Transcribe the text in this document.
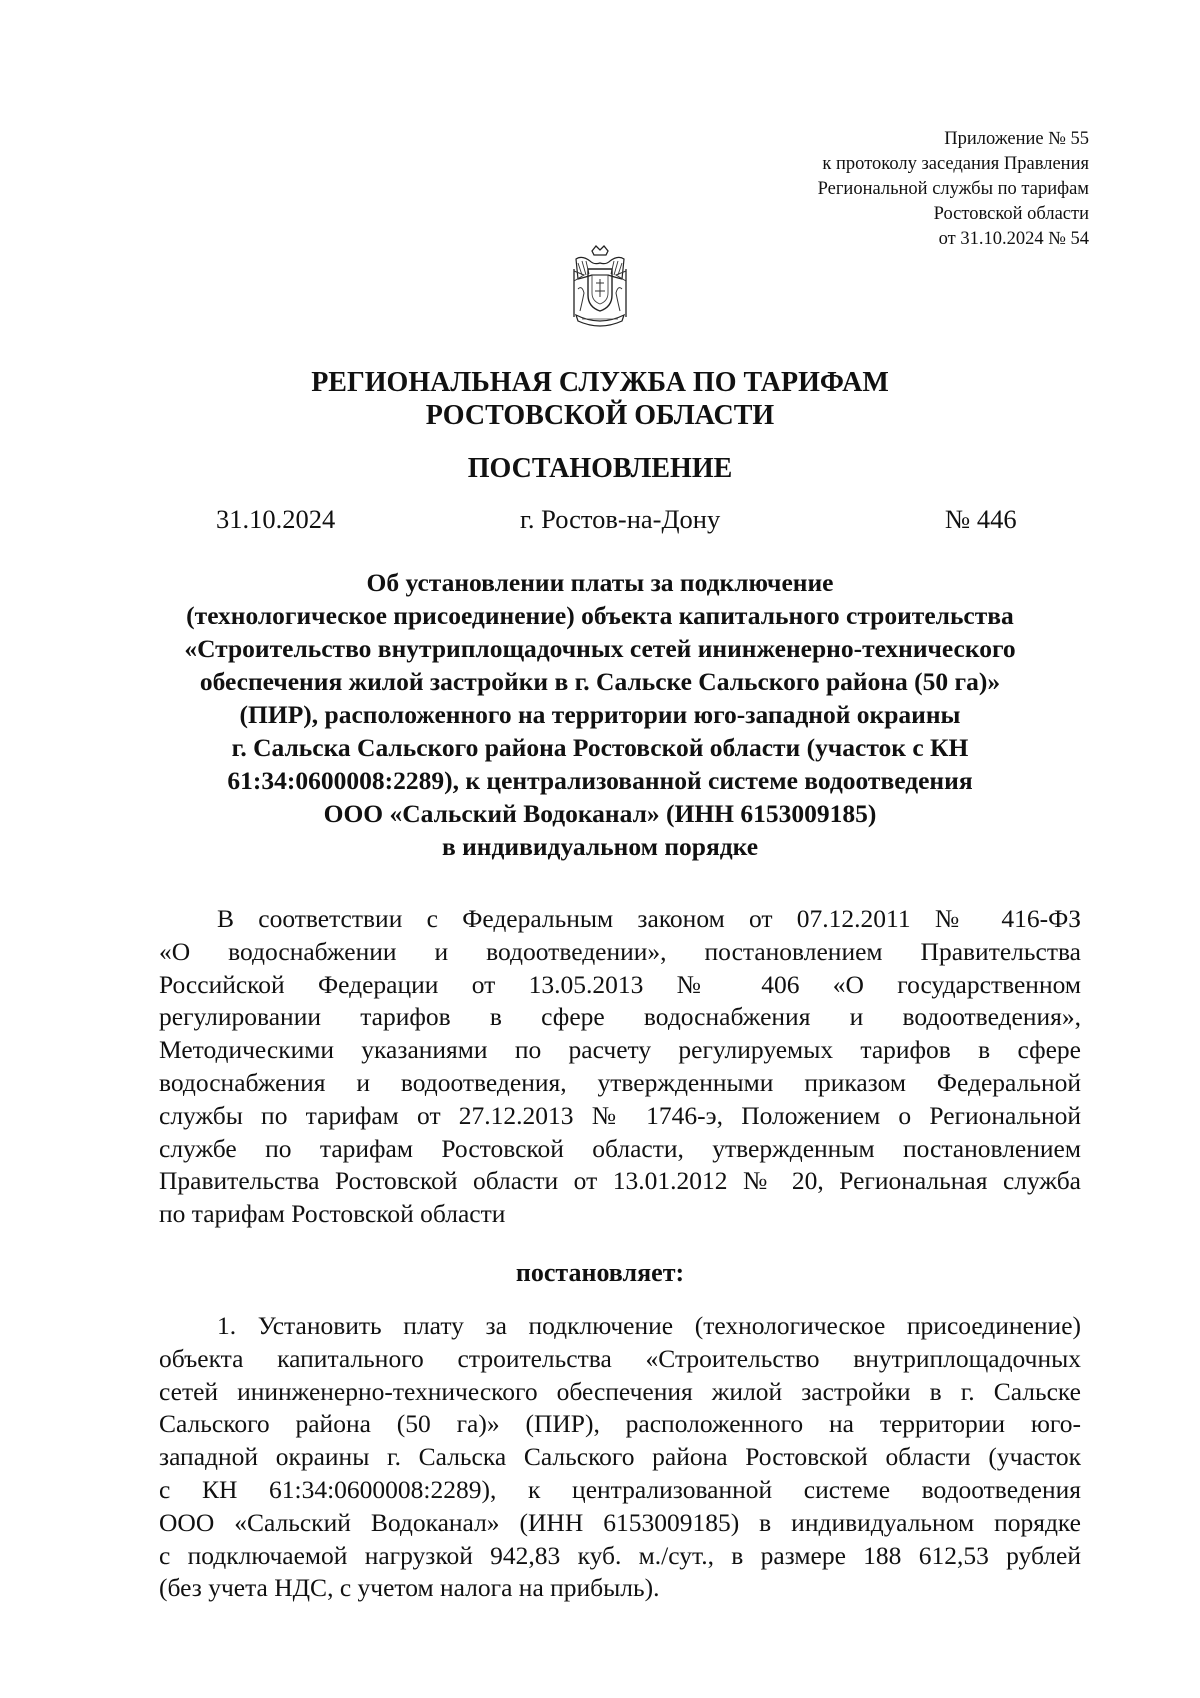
Приложение № 55
к протоколу заседания Правления
Региональной службы по тарифам
Ростовской области
от 31.10.2024 № 54
РЕГИОНАЛЬНАЯ СЛУЖБА ПО ТАРИФАМ
РОСТОВСКОЙ ОБЛАСТИ
ПОСТАНОВЛЕНИЕ
31.10.2024	г. Ростов-на-Дону	№ 446
Об установлении платы за подключение
(технологическое присоединение) объекта капитального строительства
«Строительство внутриплощадочных сетей ининженерно-технического
обеспечения жилой застройки в г. Сальске Сальского района (50 га)»
(ПИР), расположенного на территории юго-западной окраины
г. Сальска Сальского района Ростовской области (участок с КН
61:34:0600008:2289), к централизованной системе водоотведения
ООО «Сальский Водоканал» (ИНН 6153009185)
в индивидуальном порядке
В соответствии с Федеральным законом от 07.12.2011 № 416-ФЗ
«О водоснабжении и водоотведении», постановлением Правительства
Российской Федерации от 13.05.2013 № 406 «О государственном
регулировании тарифов в сфере водоснабжения и водоотведения»,
Методическими указаниями по расчету регулируемых тарифов в сфере
водоснабжения и водоотведения, утвержденными приказом Федеральной
службы по тарифам от 27.12.2013 № 1746-э, Положением о Региональной
службе по тарифам Ростовской области, утвержденным постановлением
Правительства Ростовской области от 13.01.2012 № 20, Региональная служба
по тарифам Ростовской области
постановляет:
1. Установить плату за подключение (технологическое присоединение)
объекта капитального строительства «Строительство внутриплощадочных
сетей ининженерно-технического обеспечения жилой застройки в г. Сальске
Сальского района (50 га)» (ПИР), расположенного на территории юго-
западной окраины г. Сальска Сальского района Ростовской области (участок
с КН 61:34:0600008:2289), к централизованной системе водоотведения
ООО «Сальский Водоканал» (ИНН 6153009185) в индивидуальном порядке
с подключаемой нагрузкой 942,83 куб. м./сут., в размере 188 612,53 рублей
(без учета НДС, с учетом налога на прибыль).
